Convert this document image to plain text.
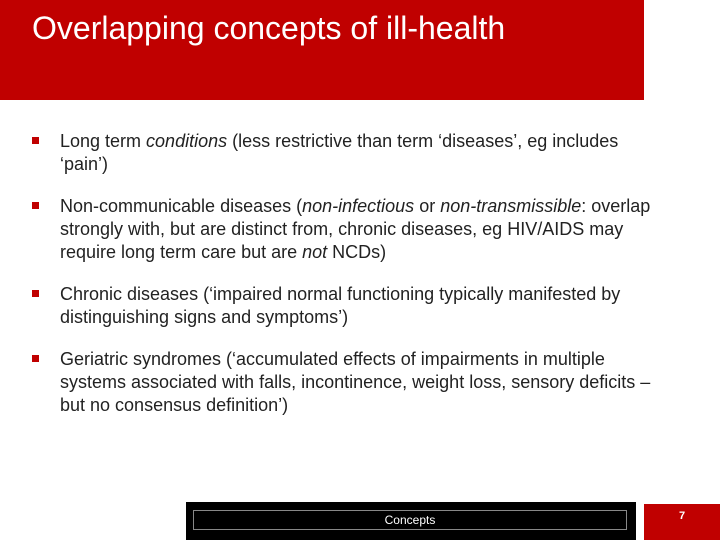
Overlapping concepts of ill-health
Long term conditions (less restrictive than term ‘diseases’, eg includes ‘pain’)
Non-communicable diseases (non-infectious or non-transmissible: overlap strongly with, but are distinct from, chronic diseases, eg HIV/AIDS may require long term care but are not NCDs)
Chronic diseases (‘impaired normal functioning typically manifested by distinguishing signs and symptoms’)
Geriatric syndromes (‘accumulated effects of impairments in multiple systems associated with falls, incontinence, weight loss, sensory deficits – but no consensus definition’)
Concepts	7
